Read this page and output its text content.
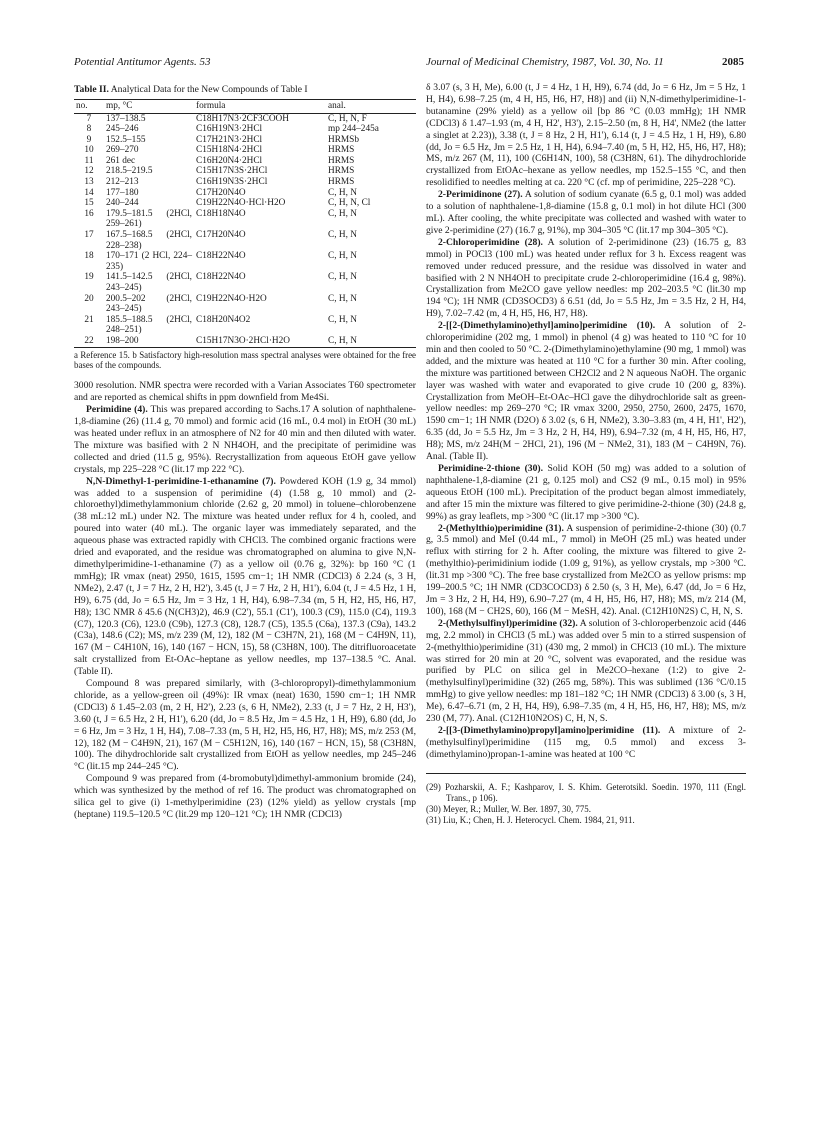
Potential Antitumor Agents. 53	Journal of Medicinal Chemistry, 1987, Vol. 30, No. 11	2085
Table II. Analytical Data for the New Compounds of Table I
no.	mp, °C	formula	anal.
7	137–138.5	C18H17N3·2CF3COOH	C, H, N, F
8	245–246	C16H19N3·2HCl	mp 244–245a
9	152.5–155	C17H21N3·2HCl	HRMSb
10	269–270	C15H18N4·2HCl	HRMS
11	261 dec	C16H20N4·2HCl	HRMS
12	218.5–219.5	C15H17N3S·2HCl	HRMS
13	212–213	C16H19N3S·2HCl	HRMS
14	177–180	C17H20N4O	C, H, N
15	240–244	C19H22N4O·HCl·H2O	C, H, N, Cl
16	179.5–181.5 (2HCl, 259–261)	C18H18N4O	C, H, N
17	167.5–168.5 (2HCl, 228–238)	C17H20N4O	C, H, N
18	170–171 (2 HCl, 224–235)	C18H22N4O	C, H, N
19	141.5–142.5 (2HCl, 243–245)	C18H22N4O	C, H, N
20	200.5–202 (2HCl, 243–245)	C19H22N4O·H2O	C, H, N
21	185.5–188.5 (2HCl, 248–251)	C18H20N4O2	C, H, N
22	198–200	C15H17N3O·2HCl·H2O	C, H, N
a Reference 15. b Satisfactory high-resolution mass spectral analyses were obtained for the free bases of the compounds.

3000 resolution. NMR spectra were recorded with a Varian Associates T60 spectrometer and are reported as chemical shifts in ppm downfield from Me4Si.

Perimidine (4). This was prepared according to Sachs.17 A solution of naphthalene-1,8-diamine (26) (11.4 g, 70 mmol) and formic acid (16 mL, 0.4 mol) in EtOH (30 mL) was heated under reflux in an atmosphere of N2 for 40 min and then diluted with water. The mixture was basified with 2 N NH4OH, and the precipitate of perimidine was collected and dried (11.5 g, 95%). Recrystallization from aqueous EtOH gave yellow crystals, mp 225–228 °C (lit.17 mp 222 °C).

N,N-Dimethyl-1-perimidine-1-ethanamine (7). Powdered KOH (1.9 g, 34 mmol) was added to a suspension of perimidine (4) (1.58 g, 10 mmol) and (2-chloroethyl)dimethylammonium chloride (2.62 g, 20 mmol) in toluene–chlorobenzene (38 mL:12 mL) under N2. The mixture was heated under reflux for 4 h, cooled, and poured into water (40 mL). The organic layer was immediately separated, and the aqueous phase was extracted rapidly with CHCl3. The combined organic fractions were dried and evaporated, and the residue was chromatographed on alumina to give N,N-dimethylperimidine-1-ethanamine (7) as a yellow oil (0.76 g, 32%): bp 160 °C (1 mmHg); IR νmax (neat) 2950, 1615, 1595 cm−1; 1H NMR (CDCl3) δ 2.24 (s, 3 H, NMe2), 2.47 (t, J = 7 Hz, 2 H, H2'), 3.45 (t, J = 7 Hz, 2 H, H1'), 6.04 (t, J = 4.5 Hz, 1 H, H9), 6.75 (dd, Jo = 6.5 Hz, Jm = 3 Hz, 1 H, H4), 6.98–7.34 (m, 5 H, H2, H5, H6, H7, H8); 13C NMR δ 45.6 (N(CH3)2), 46.9 (C2'), 55.1 (C1'), 100.3 (C9), 115.0 (C4), 119.3 (C7), 120.3 (C6), 123.0 (C9b), 127.3 (C8), 128.7 (C5), 135.5 (C6a), 137.3 (C9a), 143.2 (C3a), 148.6 (C2); MS, m/z 239 (M, 12), 182 (M − C3H7N, 21), 168 (M − C4H9N, 11), 167 (M − C4H10N, 16), 140 (167 − HCN, 15), 58 (C3H8N, 100). The ditrifluoroacetate salt crystallized from Et-OAc–heptane as yellow needles, mp 137–138.5 °C. Anal. (Table II).

Compound 8 was prepared similarly, with (3-chloropropyl)-dimethylammonium chloride, as a yellow-green oil (49%): IR νmax (neat) 1630, 1590 cm−1; 1H NMR (CDCl3) δ 1.45–2.03 (m, 2 H, H2'), 2.23 (s, 6 H, NMe2), 2.33 (t, J = 7 Hz, 2 H, H3'), 3.60 (t, J = 6.5 Hz, 2 H, H1'), 6.20 (dd, Jo = 8.5 Hz, Jm = 4.5 Hz, 1 H, H9), 6.80 (dd, Jo = 6 Hz, Jm = 3 Hz, 1 H, H4), 7.08–7.33 (m, 5 H, H2, H5, H6, H7, H8); MS, m/z 253 (M, 12), 182 (M − C4H9N, 21), 167 (M − C5H12N, 16), 140 (167 − HCN, 15), 58 (C3H8N, 100). The dihydrochloride salt crystallized from EtOH as yellow needles, mp 245–246 °C (lit.15 mp 244–245 °C).

Compound 9 was prepared from (4-bromobutyl)dimethyl-ammonium bromide (24), which was synthesized by the method of ref 16. The product was chromatographed on silica gel to give (i) 1-methylperimidine (23) (12% yield) as yellow crystals [mp (heptane) 119.5–120.5 °C (lit.29 mp 120–121 °C); 1H NMR (CDCl3)

δ 3.07 (s, 3 H, Me), 6.00 (t, J = 4 Hz, 1 H, H9), 6.74 (dd, Jo = 6 Hz, Jm = 5 Hz, 1 H, H4), 6.98–7.25 (m, 4 H, H5, H6, H7, H8)] and (ii) N,N-dimethylperimidine-1-butanamine (29% yield) as a yellow oil [bp 86 °C (0.03 mmHg); 1H NMR (CDCl3) δ 1.47–1.93 (m, 4 H, H2', H3'), 2.15–2.50 (m, 8 H, H4', NMe2 (the latter a singlet at 2.23)), 3.38 (t, J = 8 Hz, 2 H, H1'), 6.14 (t, J = 4.5 Hz, 1 H, H9), 6.80 (dd, Jo = 6.5 Hz, Jm = 2.5 Hz, 1 H, H4), 6.94–7.40 (m, 5 H, H2, H5, H6, H7, H8); MS, m/z 267 (M, 11), 100 (C6H14N, 100), 58 (C3H8N, 61). The dihydrochloride crystallized from EtOAc–hexane as yellow needles, mp 152.5–155 °C, and then resolidified to needles melting at ca. 220 °C (cf. mp of perimidine, 225–228 °C).

2-Perimidinone (27). A solution of sodium cyanate (6.5 g, 0.1 mol) was added to a solution of naphthalene-1,8-diamine (15.8 g, 0.1 mol) in hot dilute HCl (300 mL). After cooling, the white precipitate was collected and washed with water to give 2-perimidine (27) (16.7 g, 91%), mp 304–305 °C (lit.17 mp 304–305 °C).

2-Chloroperimidine (28). A solution of 2-perimidinone (23) (16.75 g, 83 mmol) in POCl3 (100 mL) was heated under reflux for 3 h. Excess reagent was removed under reduced pressure, and the residue was dissolved in water and basified with 2 N NH4OH to precipitate crude 2-chloroperimidine (16.4 g, 98%). Crystallization from Me2CO gave yellow needles: mp 202–203.5 °C (lit.30 mp 194 °C); 1H NMR (CD3SOCD3) δ 6.51 (dd, Jo = 5.5 Hz, Jm = 3.5 Hz, 2 H, H4, H9), 7.02–7.42 (m, 4 H, H5, H6, H7, H8).

2-[[2-(Dimethylamino)ethyl]amino]perimidine (10). A solution of 2-chloroperimidine (202 mg, 1 mmol) in phenol (4 g) was heated to 110 °C for 10 min and then cooled to 50 °C. 2-(Dimethylamino)ethylamine (90 mg, 1 mmol) was added, and the mixture was heated at 110 °C for a further 30 min. After cooling, the mixture was partitioned between CH2Cl2 and 2 N aqueous NaOH. The organic layer was washed with water and evaporated to give crude 10 (200 g, 83%). Crystallization from MeOH–Et-OAc–HCl gave the dihydrochloride salt as green-yellow needles: mp 269–270 °C; IR νmax 3200, 2950, 2750, 2600, 2475, 1670, 1590 cm−1; 1H NMR (D2O) δ 3.02 (s, 6 H, NMe2), 3.30–3.83 (m, 4 H, H1', H2'), 6.35 (dd, Jo = 5.5 Hz, Jm = 3 Hz, 2 H, H4, H9), 6.94–7.32 (m, 4 H, H5, H6, H7, H8); MS, m/z 24H(M − 2HCl, 21), 196 (M − NMe2, 31), 183 (M − C4H9N, 76). Anal. (Table II).

Perimidine-2-thione (30). Solid KOH (50 mg) was added to a solution of naphthalene-1,8-diamine (21 g, 0.125 mol) and CS2 (9 mL, 0.15 mol) in 95% aqueous EtOH (100 mL). Precipitation of the product began almost immediately, and after 15 min the mixture was filtered to give perimidine-2-thione (30) (24.8 g, 99%) as gray leaflets, mp >300 °C (lit.17 mp >300 °C).

2-(Methylthio)perimidine (31). A suspension of perimidine-2-thione (30) (0.7 g, 3.5 mmol) and MeI (0.44 mL, 7 mmol) in MeOH (25 mL) was heated under reflux with stirring for 2 h. After cooling, the mixture was filtered to give 2-(methylthio)-perimidinium iodide (1.09 g, 91%), as yellow crystals, mp >300 °C. (lit.31 mp >300 °C). The free base crystallized from Me2CO as yellow prisms: mp 199–200.5 °C; 1H NMR (CD3COCD3) δ 2.50 (s, 3 H, Me), 6.47 (dd, Jo = 6 Hz, Jm = 3 Hz, 2 H, H4, H9), 6.90–7.27 (m, 4 H, H5, H6, H7, H8); MS, m/z 214 (M, 100), 168 (M − CH2S, 60), 166 (M − MeSH, 42). Anal. (C12H10N2S) C, H, N, S.

2-(Methylsulfinyl)perimidine (32). A solution of 3-chloroperbenzoic acid (446 mg, 2.2 mmol) in CHCl3 (5 mL) was added over 5 min to a stirred suspension of 2-(methylthio)perimidine (31) (430 mg, 2 mmol) in CHCl3 (10 mL). The mixture was stirred for 20 min at 20 °C, solvent was evaporated, and the residue was purified by PLC on silica gel in Me2CO–hexane (1:2) to give 2-(methylsulfinyl)perimidine (32) (265 mg, 58%). This was sublimed (136 °C/0.15 mmHg) to give yellow needles: mp 181–182 °C; 1H NMR (CDCl3) δ 3.00 (s, 3 H, Me), 6.47–6.71 (m, 2 H, H4, H9), 6.98–7.35 (m, 4 H, H5, H6, H7, H8); MS, m/z 230 (M, 77). Anal. (C12H10N2OS) C, H, N, S.

2-[[3-(Dimethylamino)propyl]amino]perimidine (11). A mixture of 2-(methylsulfinyl)perimidine (115 mg, 0.5 mmol) and excess 3-(dimethylamino)propan-1-amine was heated at 100 °C

(29) Pozharskii, A. F.; Kashparov, I. S. Khim. Geterotsikl. Soedin. 1970, 111 (Engl. Trans., p 106).
(30) Meyer, R.; Muller, W. Ber. 1897, 30, 775.
(31) Liu, K.; Chen, H. J. Heterocycl. Chem. 1984, 21, 911.
